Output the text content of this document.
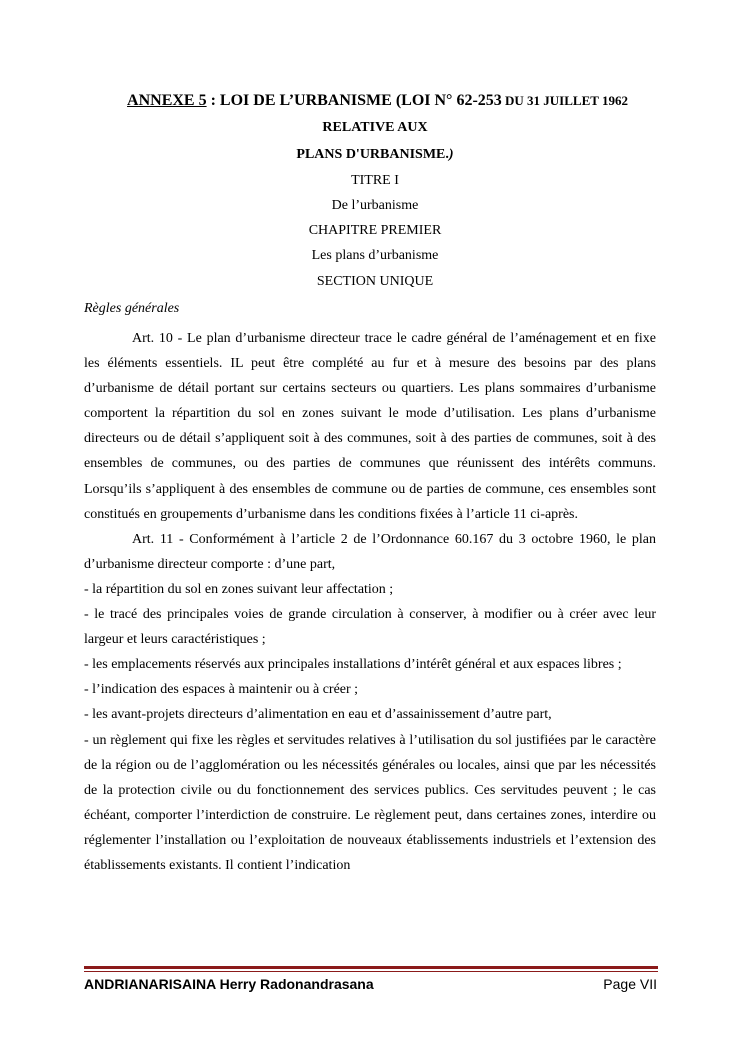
ANNEXE 5 : LOI DE L’URBANISME (LOI N° 62-253 DU 31 JUILLET 1962
RELATIVE AUX
PLANS D'URBANISME.)
TITRE I
De l’urbanisme
CHAPITRE PREMIER
Les plans d’urbanisme
SECTION UNIQUE
Règles générales

Art. 10 - Le plan d’urbanisme directeur trace le cadre général de l’aménagement et en fixe les éléments essentiels. IL peut être complété au fur et à mesure des besoins par des plans d’urbanisme de détail portant sur certains secteurs ou quartiers. Les plans sommaires d’urbanisme comportent la répartition du sol en zones suivant le mode d’utilisation. Les plans d’urbanisme directeurs ou de détail s’appliquent soit à des communes, soit à des parties de communes, soit à des ensembles de communes, ou des parties de communes que réunissent des intérêts communs. Lorsqu’ils s’appliquent à des ensembles de commune ou de parties de commune, ces ensembles sont constitués en groupements d’urbanisme dans les conditions fixées à l’article 11 ci-après.

Art. 11 - Conformément à l’article 2 de l’Ordonnance 60.167 du 3 octobre 1960, le plan d’urbanisme directeur comporte : d’une part,

- la répartition du sol en zones suivant leur affectation ;

- le tracé des principales voies de grande circulation à conserver, à modifier ou à créer avec leur largeur et leurs caractéristiques ;

- les emplacements réservés aux principales installations d’intérêt général et aux espaces libres ;

- l’indication des espaces à maintenir ou à créer ;

- les avant-projets directeurs d’alimentation en eau et d’assainissement d’autre part,

- un règlement qui fixe les règles et servitudes relatives à l’utilisation du sol justifiées par le caractère de la région ou de l’agglomération ou les nécessités générales ou locales, ainsi que par les nécessités de la protection civile ou du fonctionnement des services publics. Ces servitudes peuvent ; le cas échéant, comporter l’interdiction de construire. Le règlement peut, dans certaines zones, interdire ou réglementer l’installation ou l’exploitation de nouveaux établissements industriels et l’extension des établissements existants. Il contient l’indication

ANDRIANARISAINA Herry Radonandrasana	Page VII
